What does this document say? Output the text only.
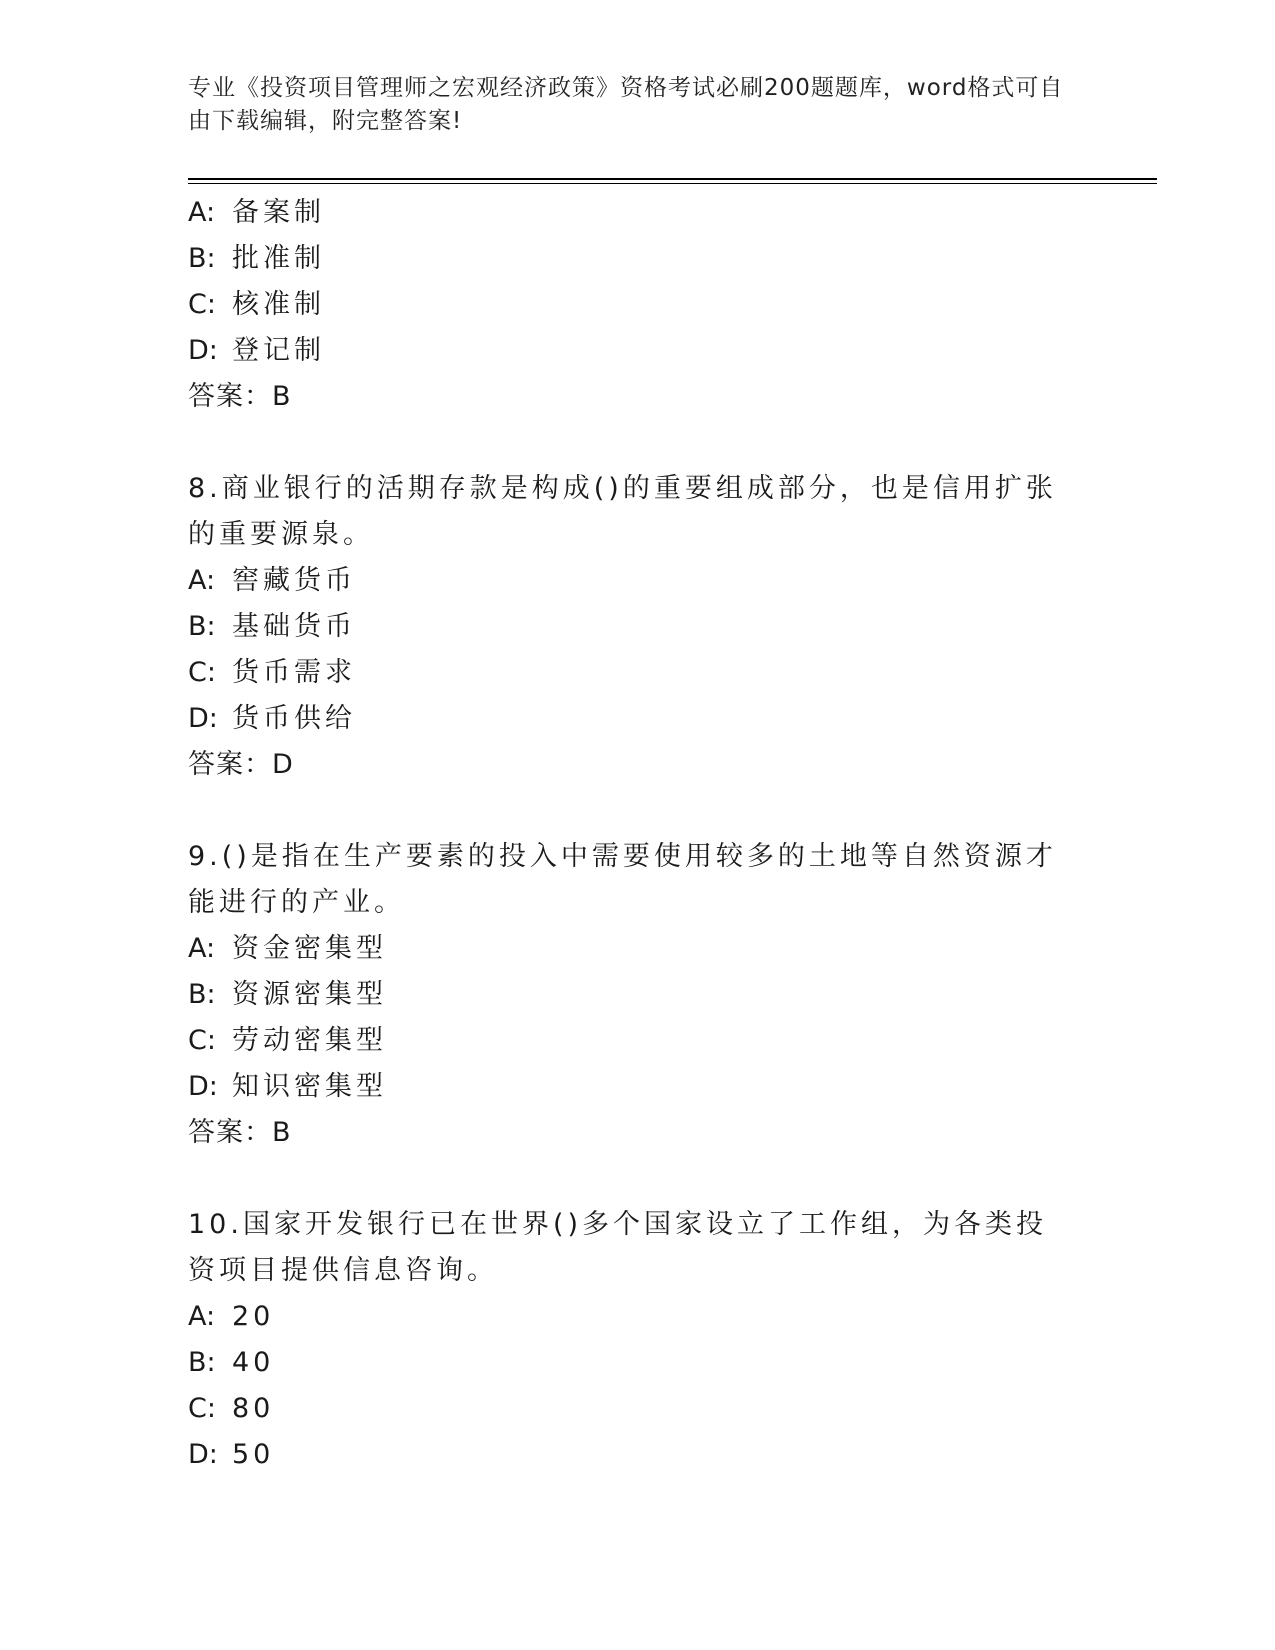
专业《投资项目管理师之宏观经济政策》资格考试必刷200题题库，word格式可自由下载编辑，附完整答案!
A: 备案制
B: 批准制
C: 核准制
D: 登记制
答案：B
8.商业银行的活期存款是构成()的重要组成部分，也是信用扩张的重要源泉。
A: 窖藏货币
B: 基础货币
C: 货币需求
D: 货币供给
答案：D
9.()是指在生产要素的投入中需要使用较多的土地等自然资源才能进行的产业。
A: 资金密集型
B: 资源密集型
C: 劳动密集型
D: 知识密集型
答案：B
10.国家开发银行已在世界()多个国家设立了工作组，为各类投资项目提供信息咨询。
A: 20
B: 40
C: 80
D: 50
